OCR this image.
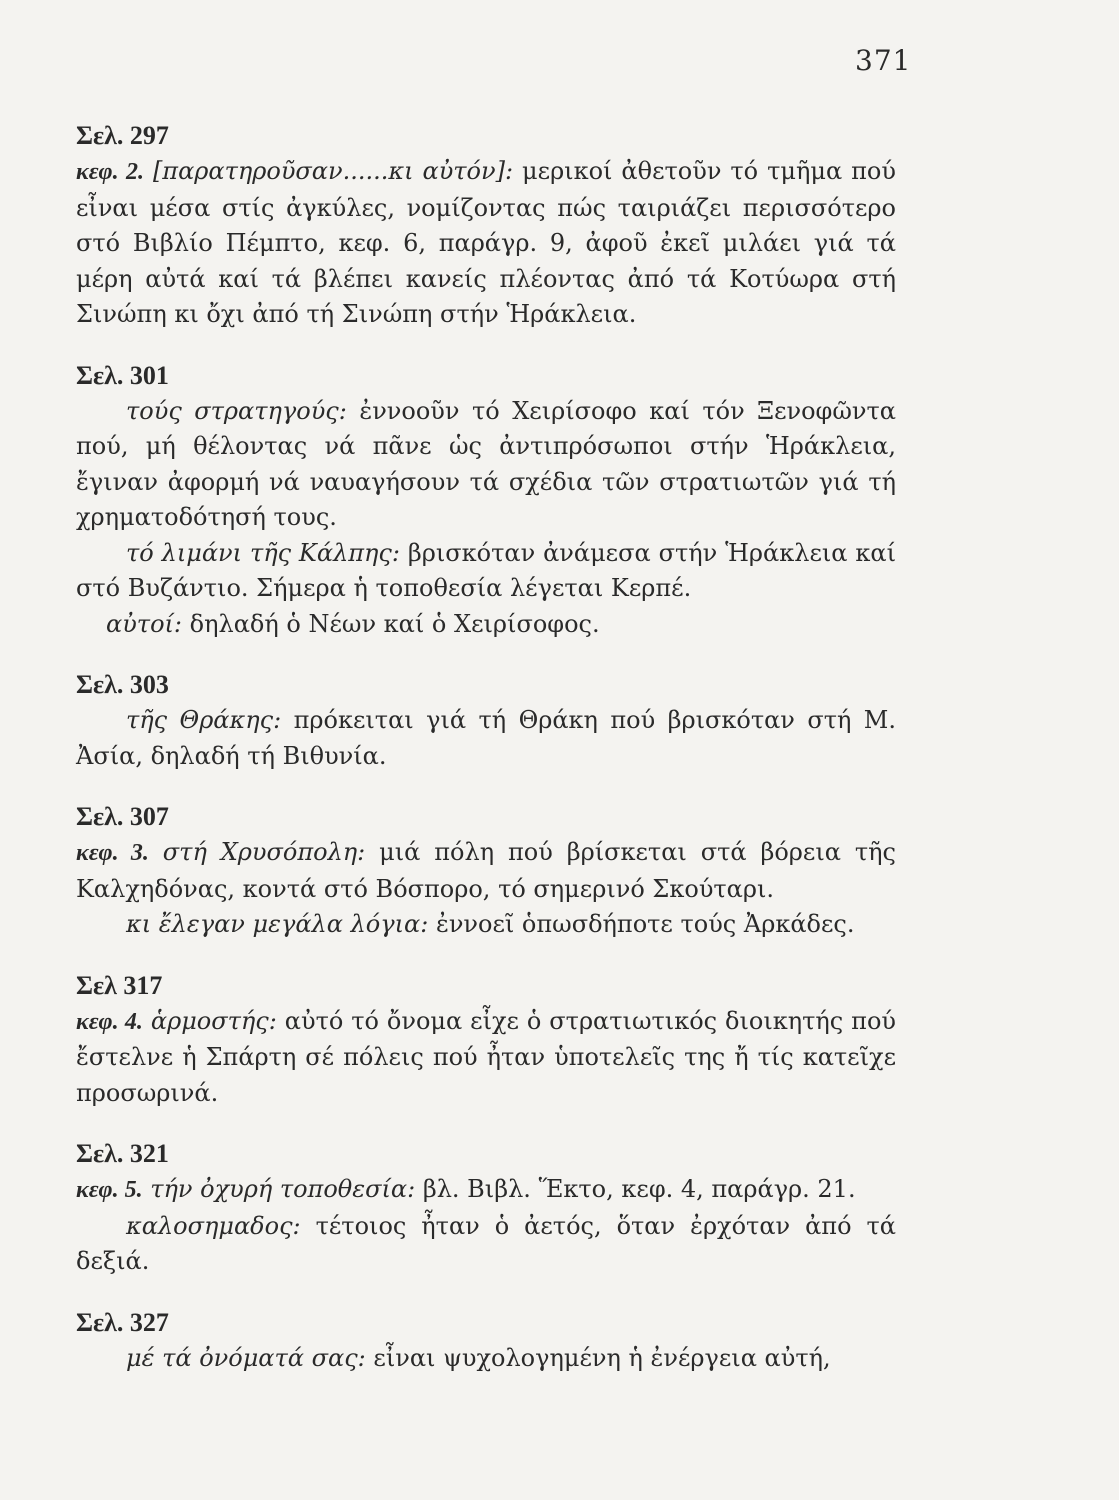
371
Σελ. 297
κεφ. 2. [παρατηροῦσαν......κι αὐτόν]: μερικοί ἀθετοῦν τό τμῆμα πού εἶναι μέσα στίς ἀγκύλες, νομίζοντας πώς ταιριάζει περισσότερο στό Βιβλίο Πέμπτο, κεφ. 6, παράγρ. 9, ἀφοῦ ἐκεῖ μιλάει γιά τά μέρη αὐτά καί τά βλέπει κανείς πλέοντας ἀπό τά Κοτύωρα στή Σινώπη κι ὄχι ἀπό τή Σινώπη στήν Ἡράκλεια.
Σελ. 301
τούς στρατηγούς: ἐννοοῦν τό Χειρίσοφο καί τόν Ξενοφῶντα πού, μή θέλοντας νά πᾶνε ὡς ἀντιπρόσωποι στήν Ἡράκλεια, ἔγιναν ἀφορμή νά ναυαγήσουν τά σχέδια τῶν στρατιωτῶν γιά τή χρηματοδότησή τους.
τό λιμάνι τῆς Κάλπης: βρισκόταν ἀνάμεσα στήν Ἡράκλεια καί στό Βυζάντιο. Σήμερα ἡ τοποθεσία λέγεται Κερπέ.
αὐτοί: δηλαδή ὁ Νέων καί ὁ Χειρίσοφος.
Σελ. 303
τῆς Θράκης: πρόκειται γιά τή Θράκη πού βρισκόταν στή Μ. Ἀσία, δηλαδή τή Βιθυνία.
Σελ. 307
κεφ. 3. στή Χρυσόπολη: μιά πόλη πού βρίσκεται στά βόρεια τῆς Καλχηδόνας, κοντά στό Βόσπορο, τό σημερινό Σκούταρι.
κι ἔλεγαν μεγάλα λόγια: ἐννοεῖ ὁπωσδήποτε τούς Ἀρκάδες.
Σελ 317
κεφ. 4. ἁρμοστής: αὐτό τό ὄνομα εἶχε ὁ στρατιωτικός διοικητής πού ἔστελνε ἡ Σπάρτη σέ πόλεις πού ἦταν ὑποτελεῖς της ἤ τίς κατεῖχε προσωρινά.
Σελ. 321
κεφ. 5. τήν ὀχυρή τοποθεσία: βλ. Βιβλ. Ἕκτο, κεφ. 4, παράγρ. 21.
καλοσημαδος: τέτοιος ἦταν ὁ ἀετός, ὅταν ἐρχόταν ἀπό τά δεξιά.
Σελ. 327
μέ τά ὀνόματά σας: εἶναι ψυχολογημένη ἡ ἐνέργεια αὐτή,
